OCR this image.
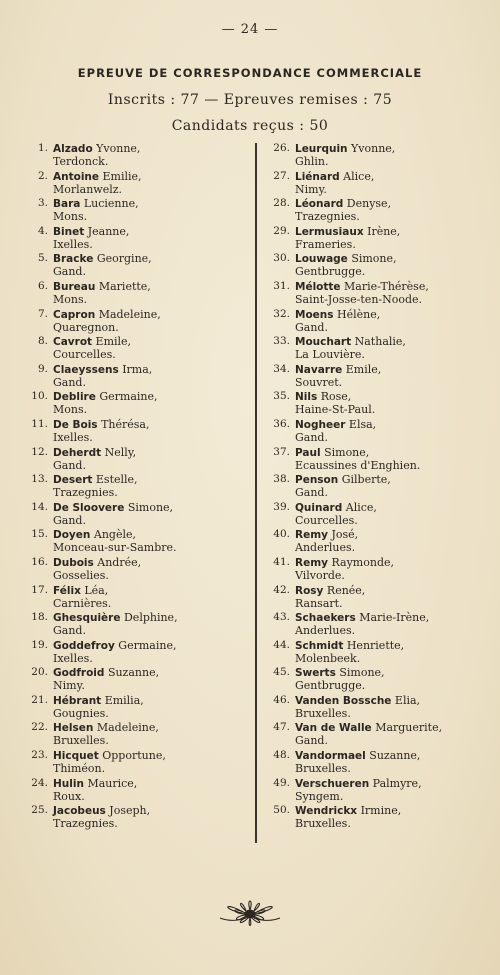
— 24 —
EPREUVE DE CORRESPONDANCE COMMERCIALE
Inscrits : 77 — Epreuves remises : 75
Candidats reçus : 50
1. Alzado Yvonne,
Terdonck.
2. Antoine Emilie,
Morlanwelz.
3. Bara Lucienne,
Mons.
4. Binet Jeanne,
Ixelles.
5. Bracke Georgine,
Gand.
6. Bureau Mariette,
Mons.
7. Capron Madeleine,
Quaregnon.
8. Cavrot Emile,
Courcelles.
9. Claeyssens Irma,
Gand.
10. Deblire Germaine,
Mons.
11. De Bois Thérésa,
Ixelles.
12. Deherdt Nelly,
Gand.
13. Desert Estelle,
Trazegnies.
14. De Sloovere Simone,
Gand.
15. Doyen Angèle,
Monceau-sur-Sambre.
16. Dubois Andrée,
Gosselies.
17. Félix Léa,
Carnières.
18. Ghesquière Delphine,
Gand.
19. Goddefroy Germaine,
Ixelles.
20. Godfroid Suzanne,
Nimy.
21. Hébrant Emilia,
Gougnies.
22. Helsen Madeleine,
Bruxelles.
23. Hicquet Opportune,
Thiméon.
24. Hulin Maurice,
Roux.
25. Jacobeus Joseph,
Trazegnies.
26. Leurquin Yvonne,
Ghlin.
27. Liénard Alice,
Nimy.
28. Léonard Denyse,
Trazegnies.
29. Lermusiaux Irène,
Frameries.
30. Louwage Simone,
Gentbrugge.
31. Mélotte Marie-Thérèse,
Saint-Josse-ten-Noode.
32. Moens Hélène,
Gand.
33. Mouchart Nathalie,
La Louvière.
34. Navarre Emile,
Souvret.
35. Nils Rose,
Haine-St-Paul.
36. Nogheer Elsa,
Gand.
37. Paul Simone,
Ecaussines d'Enghien.
38. Penson Gilberte,
Gand.
39. Quinard Alice,
Courcelles.
40. Remy José,
Anderlues.
41. Remy Raymonde,
Vilvorde.
42. Rosy Renée,
Ransart.
43. Schaekers Marie-Irène,
Anderlues.
44. Schmidt Henriette,
Molenbeek.
45. Swerts Simone,
Gentbrugge.
46. Vanden Bossche Elia,
Bruxelles.
47. Van de Walle Marguerite,
Gand.
48. Vandormael Suzanne,
Bruxelles.
49. Verschueren Palmyre,
Syngem.
50. Wendrickx Irmine,
Bruxelles.
